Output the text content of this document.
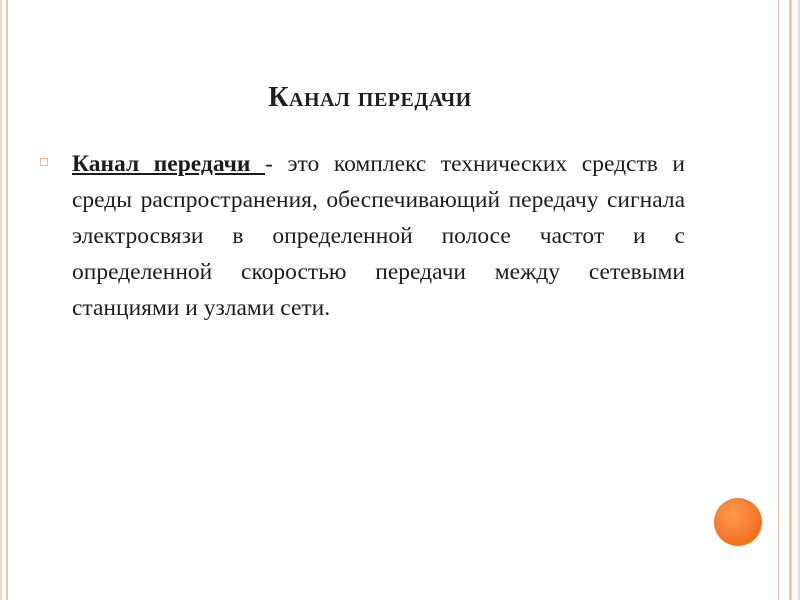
Канал передачи
□ Канал передачи - это комплекс технических средств и среды распространения, обеспечивающий передачу сигнала электросвязи в определенной полосе частот и с определенной скоростью передачи между сетевыми станциями и узлами сети.
